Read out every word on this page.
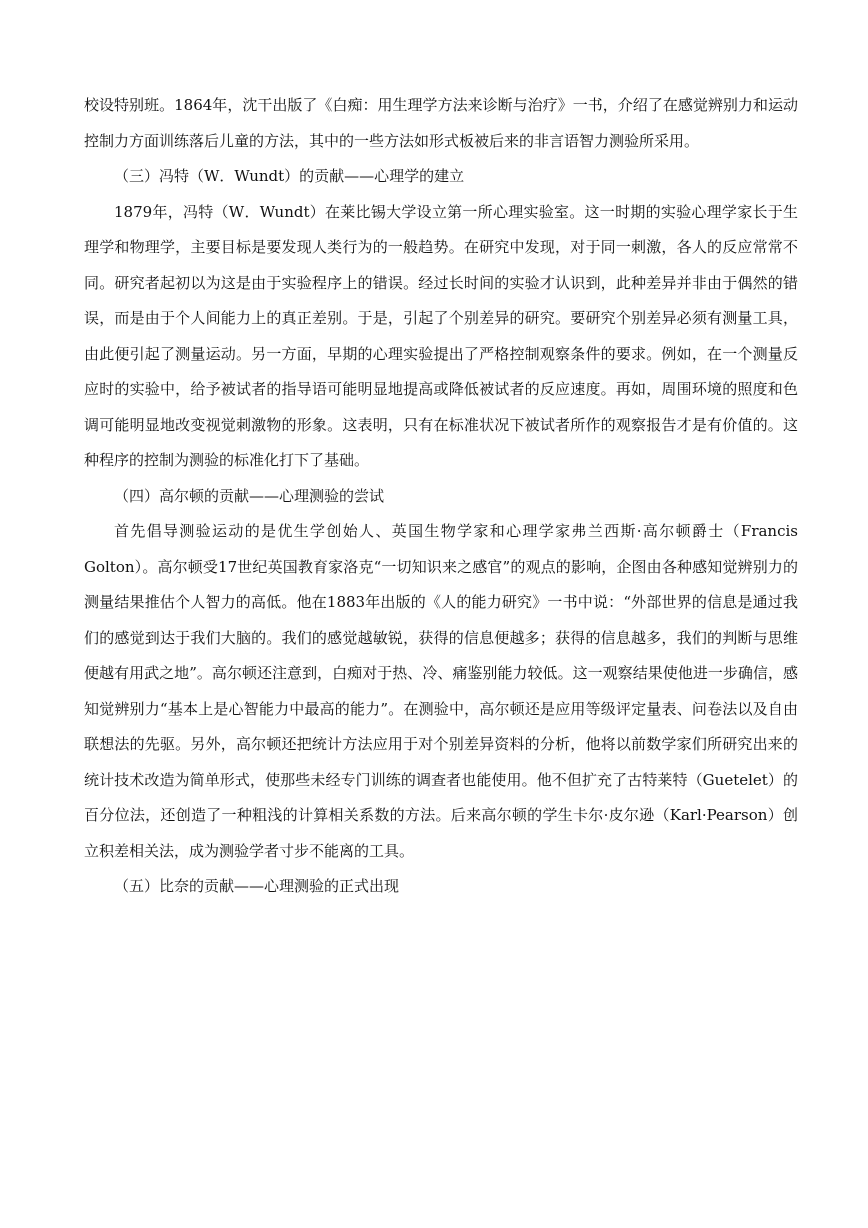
校设特别班。1864年，沈干出版了《白痴：用生理学方法来诊断与治疗》一书，介绍了在感觉辨别力和运动控制力方面训练落后儿童的方法，其中的一些方法如形式板被后来的非言语智力测验所采用。

（三）冯特（W．Wundt）的贡献——心理学的建立

1879年，冯特（W．Wundt）在莱比锡大学设立第一所心理实验室。这一时期的实验心理学家长于生理学和物理学，主要目标是要发现人类行为的一般趋势。在研究中发现，对于同一刺激，各人的反应常常不同。研究者起初以为这是由于实验程序上的错误。经过长时间的实验才认识到，此种差异并非由于偶然的错误，而是由于个人间能力上的真正差别。于是，引起了个别差异的研究。要研究个别差异必须有测量工具，由此便引起了测量运动。另一方面，早期的心理实验提出了严格控制观察条件的要求。例如，在一个测量反应时的实验中，给予被试者的指导语可能明显地提高或降低被试者的反应速度。再如，周围环境的照度和色调可能明显地改变视觉刺激物的形象。这表明，只有在标准状况下被试者所作的观察报告才是有价值的。这种程序的控制为测验的标准化打下了基础。

（四）高尔顿的贡献——心理测验的尝试

首先倡导测验运动的是优生学创始人、英国生物学家和心理学家弗兰西斯·高尔顿爵士（Francis Golton）。高尔顿受17世纪英国教育家洛克“一切知识来之感官”的观点的影响，企图由各种感知觉辨别力的测量结果推估个人智力的高低。他在1883年出版的《人的能力研究》一书中说：“外部世界的信息是通过我们的感觉到达于我们大脑的。我们的感觉越敏锐，获得的信息便越多；获得的信息越多，我们的判断与思维便越有用武之地”。高尔顿还注意到，白痴对于热、冷、痛鉴别能力较低。这一观察结果使他进一步确信，感知觉辨别力“基本上是心智能力中最高的能力”。在测验中，高尔顿还是应用等级评定量表、问卷法以及自由联想法的先驱。另外，高尔顿还把统计方法应用于对个别差异资料的分析，他将以前数学家们所研究出来的统计技术改造为简单形式，使那些未经专门训练的调查者也能使用。他不但扩充了古特莱特（Guetelet）的百分位法，还创造了一种粗浅的计算相关系数的方法。后来高尔顿的学生卡尔·皮尔逊（Karl·Pearson）创立积差相关法，成为测验学者寸步不能离的工具。

（五）比奈的贡献——心理测验的正式出现
